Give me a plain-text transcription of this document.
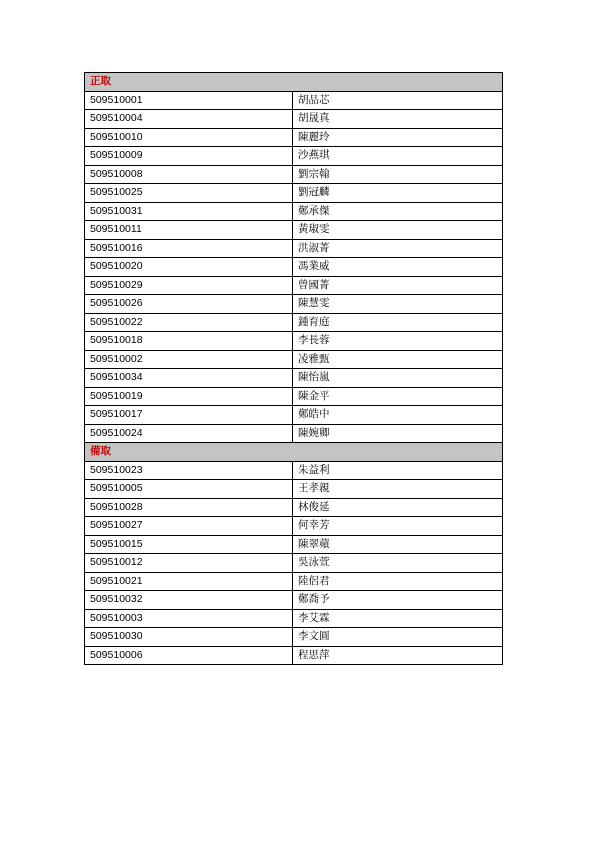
正取	
509510001	胡品芯
509510004	胡晟真
509510010	陳麗玲
509510009	沙燕琪
509510008	劉宗翰
509510025	劉冠麟
509510031	鄭承傑
509510011	黃琡雯
509510016	洪淑菁
509510020	馮業威
509510029	曾國菁
509510026	陳慧雯
509510022	鍾育庭
509510018	李長蓉
509510002	凌雅甄
509510034	陳怡嵐
509510019	陳金平
509510017	鄭皓中
509510024	陳婉卿
備取	
509510023	朱益利
509510005	王孝親
509510028	林俊延
509510027	何幸芳
509510015	陳翠蘋
509510012	吳泳萱
509510021	陸侶君
509510032	鄭喬予
509510003	李艾霖
509510030	李文圓
509510006	程思萍
